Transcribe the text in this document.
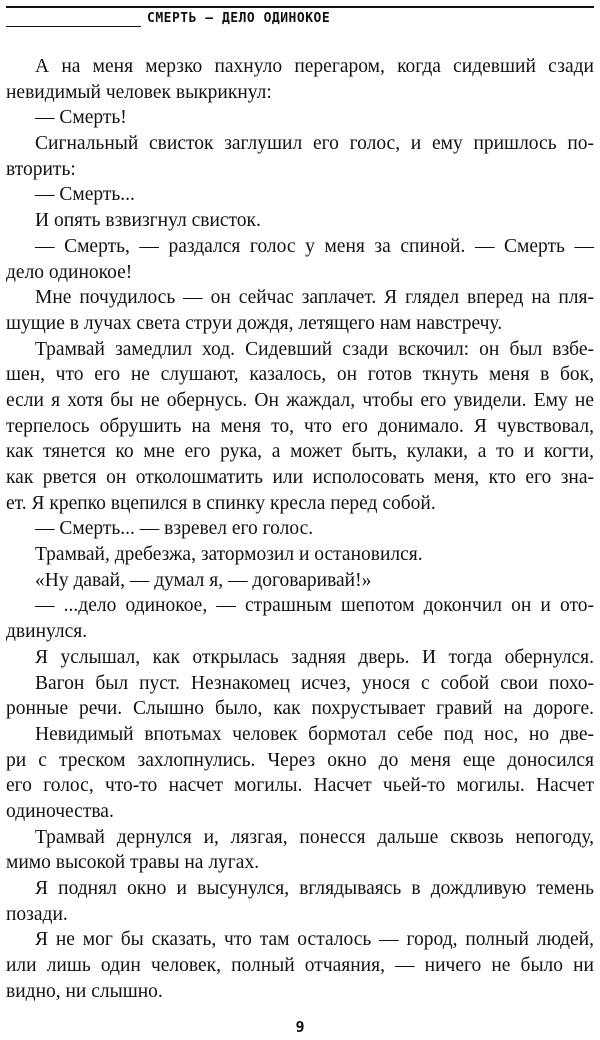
СМЕРТЬ — ДЕЛО ОДИНОКОЕ
А на меня мерзко пахнуло перегаром, когда сидевший сзади
невидимый человек выкрикнул:
— Смерть!
Сигнальный свисток заглушил его голос, и ему пришлось по-
вторить:
— Смерть...
И опять взвизгнул свисток.
— Смерть, — раздался голос у меня за спиной. — Смерть —
дело одинокое!
Мне почудилось — он сейчас заплачет. Я глядел вперед на пля-
шущие в лучах света струи дождя, летящего нам навстречу.
Трамвай замедлил ход. Сидевший сзади вскочил: он был взбе-
шен, что его не слушают, казалось, он готов ткнуть меня в бок,
если я хотя бы не обернусь. Он жаждал, чтобы его увидели. Ему не
терпелось обрушить на меня то, что его донимало. Я чувствовал,
как тянется ко мне его рука, а может быть, кулаки, а то и когти,
как рвется он отколошматить или исполосовать меня, кто его зна-
ет. Я крепко вцепился в спинку кресла перед собой.
— Смерть... — взревел его голос.
Трамвай, дребезжа, затормозил и остановился.
«Ну давай, — думал я, — договаривай!»
— ...дело одинокое, — страшным шепотом докончил он и ото-
двинулся.
Я услышал, как открылась задняя дверь. И тогда обернулся.
Вагон был пуст. Незнакомец исчез, унося с собой свои похо-
ронные речи. Слышно было, как похрустывает гравий на дороге.
Невидимый впотьмах человек бормотал себе под нос, но две-
ри с треском захлопнулись. Через окно до меня еще доносился
его голос, что-то насчет могилы. Насчет чьей-то могилы. Насчет
одиночества.
Трамвай дернулся и, лязгая, понесся дальше сквозь непогоду,
мимо высокой травы на лугах.
Я поднял окно и высунулся, вглядываясь в дождливую темень
позади.
Я не мог бы сказать, что там осталось — город, полный людей,
или лишь один человек, полный отчаяния, — ничего не было ни
видно, ни слышно.
9
